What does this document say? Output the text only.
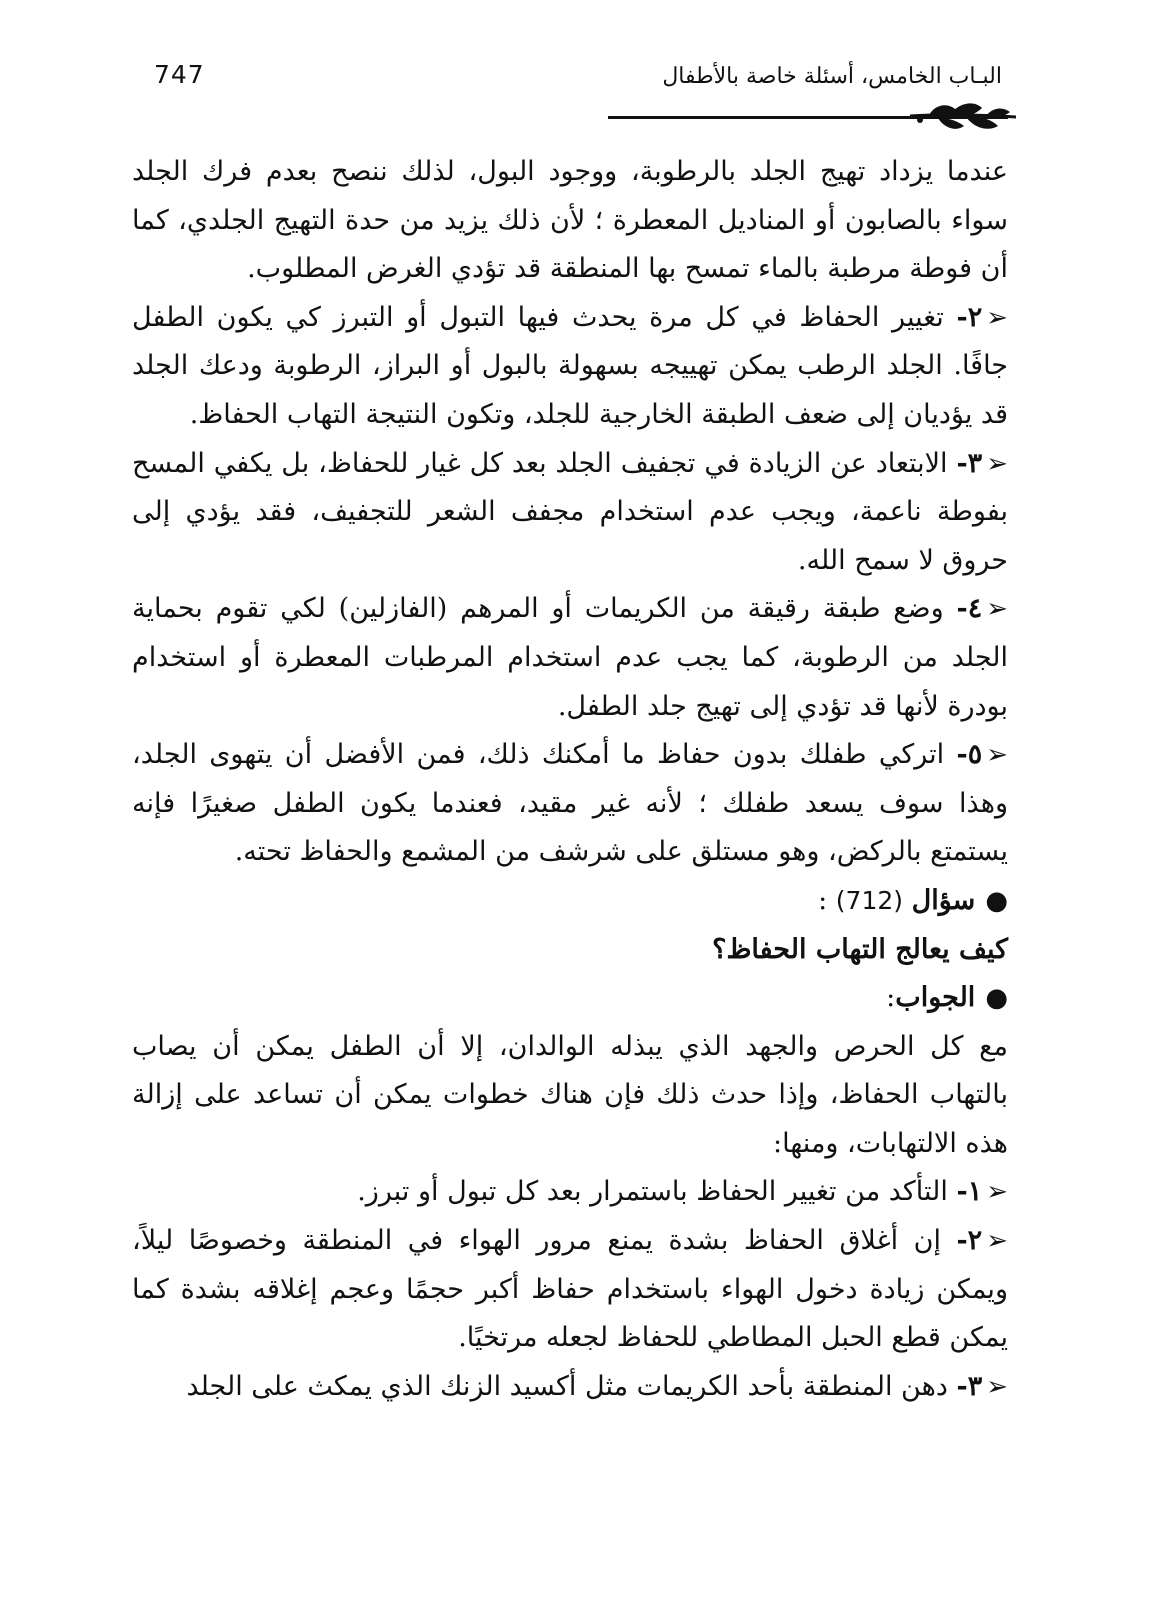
البـاب الخامس، أسئلة خاصة بالأطفال
747

عندما يزداد تهيج الجلد بالرطوبة، ووجود البول، لذلك ننصح بعدم فرك الجلد سواء بالصابون أو المناديل المعطرة ؛ لأن ذلك يزيد من حدة التهيج الجلدي، كما أن فوطة مرطبة بالماء تمسح بها المنطقة قد تؤدي الغرض المطلوب.

➢٢- تغيير الحفاظ في كل مرة يحدث فيها التبول أو التبرز كي يكون الطفل جافًا. الجلد الرطب يمكن تهييجه بسهولة بالبول أو البراز، الرطوبة ودعك الجلد قد يؤديان إلى ضعف الطبقة الخارجية للجلد، وتكون النتيجة التهاب الحفاظ.

➢٣- الابتعاد عن الزيادة في تجفيف الجلد بعد كل غيار للحفاظ، بل يكفي المسح بفوطة ناعمة، ويجب عدم استخدام مجفف الشعر للتجفيف، فقد يؤدي إلى حروق لا سمح الله.

➢٤- وضع طبقة رقيقة من الكريمات أو المرهم (الفازلين) لكي تقوم بحماية الجلد من الرطوبة، كما يجب عدم استخدام المرطبات المعطرة أو استخدام بودرة لأنها قد تؤدي إلى تهيج جلد الطفل.

➢٥- اتركي طفلك بدون حفاظ ما أمكنك ذلك، فمن الأفضل أن يتهوى الجلد، وهذا سوف يسعد طفلك ؛ لأنه غير مقيد، فعندما يكون الطفل صغيرًا فإنه يستمتع بالركض، وهو مستلق على شرشف من المشمع والحفاظ تحته.

●سؤال (712) :

كيف يعالج التهاب الحفاظ؟

●الجواب:

مع كل الحرص والجهد الذي يبذله الوالدان، إلا أن الطفل يمكن أن يصاب بالتهاب الحفاظ، وإذا حدث ذلك فإن هناك خطوات يمكن أن تساعد على إزالة هذه الالتهابات، ومنها:

➢١- التأكد من تغيير الحفاظ باستمرار بعد كل تبول أو تبرز.

➢٢- إن أغلاق الحفاظ بشدة يمنع مرور الهواء في المنطقة وخصوصًا ليلاً، ويمكن زيادة دخول الهواء باستخدام حفاظ أكبر حجمًا وعجم إغلاقه بشدة كما يمكن قطع الحبل المطاطي للحفاظ لجعله مرتخيًا.

➢٣- دهن المنطقة بأحد الكريمات مثل أكسيد الزنك الذي يمكث على الجلد
